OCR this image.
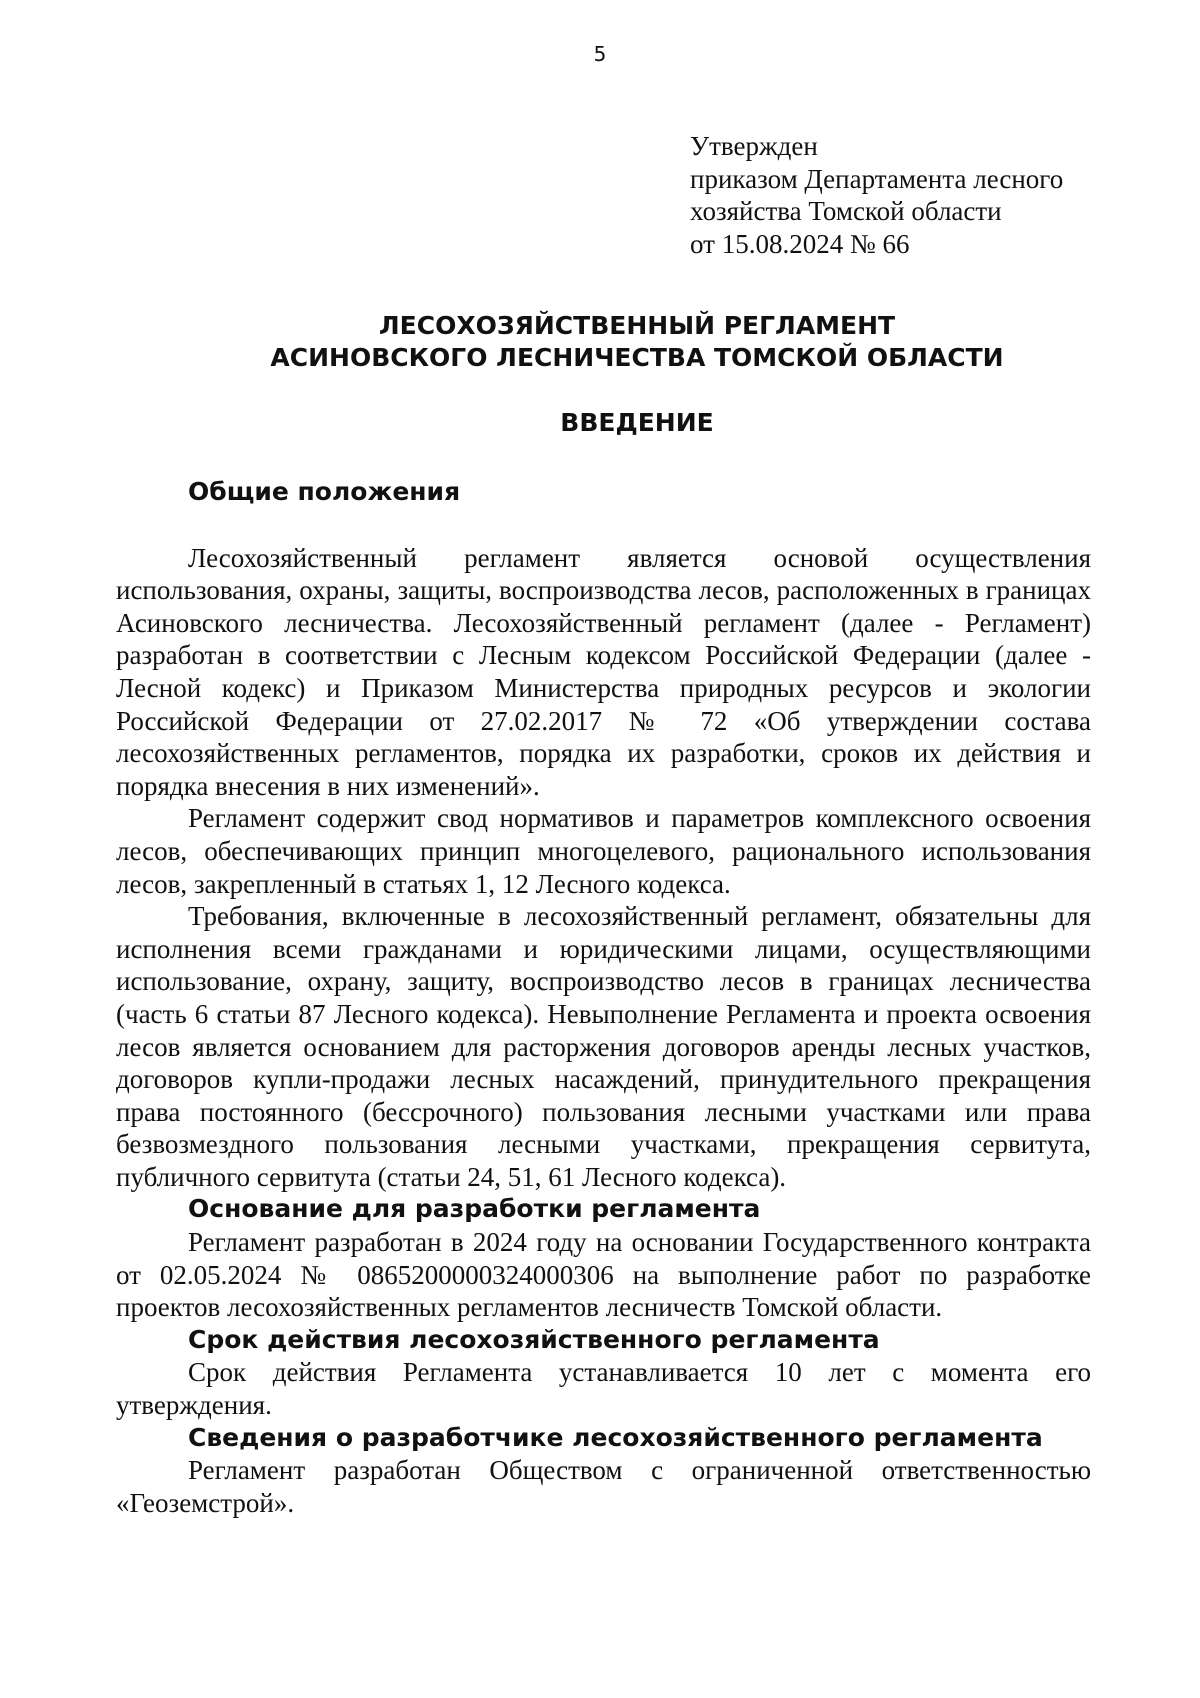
5
Утвержден
приказом Департамента лесного
хозяйства Томской области
от 15.08.2024 № 66
ЛЕСОХОЗЯЙСТВЕННЫЙ РЕГЛАМЕНТ
АСИНОВСКОГО ЛЕСНИЧЕСТВА ТОМСКОЙ ОБЛАСТИ
ВВЕДЕНИЕ

Общие положения

Лесохозяйственный регламент является основой осуществления использования, охраны, защиты, воспроизводства лесов, расположенных в границах Асиновского лесничества. Лесохозяйственный регламент (далее - Регламент) разработан в соответствии с Лесным кодексом Российской Федерации (далее - Лесной кодекс) и Приказом Министерства природных ресурсов и экологии Российской Федерации от 27.02.2017 № 72 «Об утверждении состава лесохозяйственных регламентов, порядка их разработки, сроков их действия и порядка внесения в них изменений».

Регламент содержит свод нормативов и параметров комплексного освоения лесов, обеспечивающих принцип многоцелевого, рационального использования лесов, закрепленный в статьях 1, 12 Лесного кодекса.

Требования, включенные в лесохозяйственный регламент, обязательны для исполнения всеми гражданами и юридическими лицами, осуществляющими использование, охрану, защиту, воспроизводство лесов в границах лесничества (часть 6 статьи 87 Лесного кодекса). Невыполнение Регламента и проекта освоения лесов является основанием для расторжения договоров аренды лесных участков, договоров купли-продажи лесных насаждений, принудительного прекращения права постоянного (бессрочного) пользования лесными участками или права безвозмездного пользования лесными участками, прекращения сервитута, публичного сервитута (статьи 24, 51, 61 Лесного кодекса).

Основание для разработки регламента

Регламент разработан в 2024 году на основании Государственного контракта от 02.05.2024 № 0865200000324000306 на выполнение работ по разработке проектов лесохозяйственных регламентов лесничеств Томской области.

Срок действия лесохозяйственного регламента

Срок действия Регламента устанавливается 10 лет с момента его утверждения.

Сведения о разработчике лесохозяйственного регламента

Регламент разработан Обществом с ограниченной ответственностью «Геоземстрой».
